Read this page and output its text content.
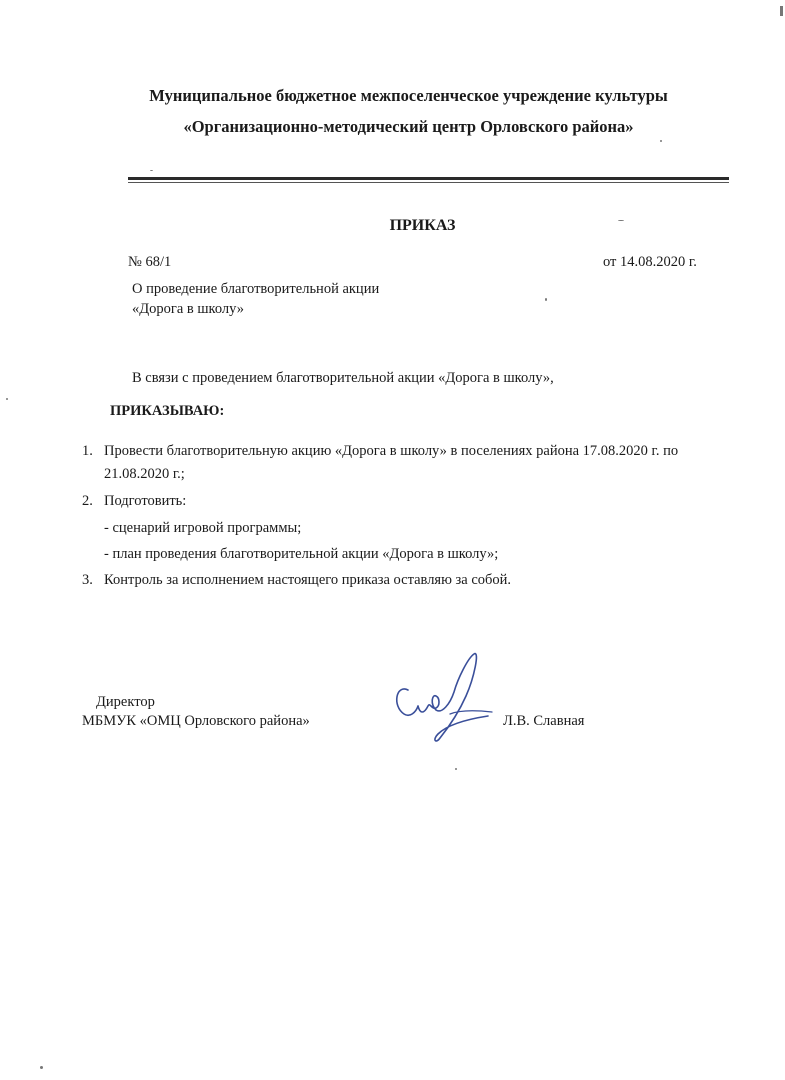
Муниципальное бюджетное межпоселенческое учреждение культуры
«Организационно-методический центр Орловского района»
ПРИКАЗ
№ 68/1	от 14.08.2020 г.
О проведение благотворительной акции
«Дорога в школу»
В связи с проведением благотворительной акции «Дорога в школу»,
ПРИКАЗЫВАЮ:
1. Провести благотворительную акцию «Дорога в школу» в поселениях района 17.08.2020 г. по
21.08.2020 г.;
2. Подготовить:
- сценарий игровой программы;
- план проведения благотворительной акции «Дорога в школу»;
3. Контроль за исполнением настоящего приказа оставляю за собой.
Директор
МБМУК «ОМЦ Орловского района»	Л.В. Славная
